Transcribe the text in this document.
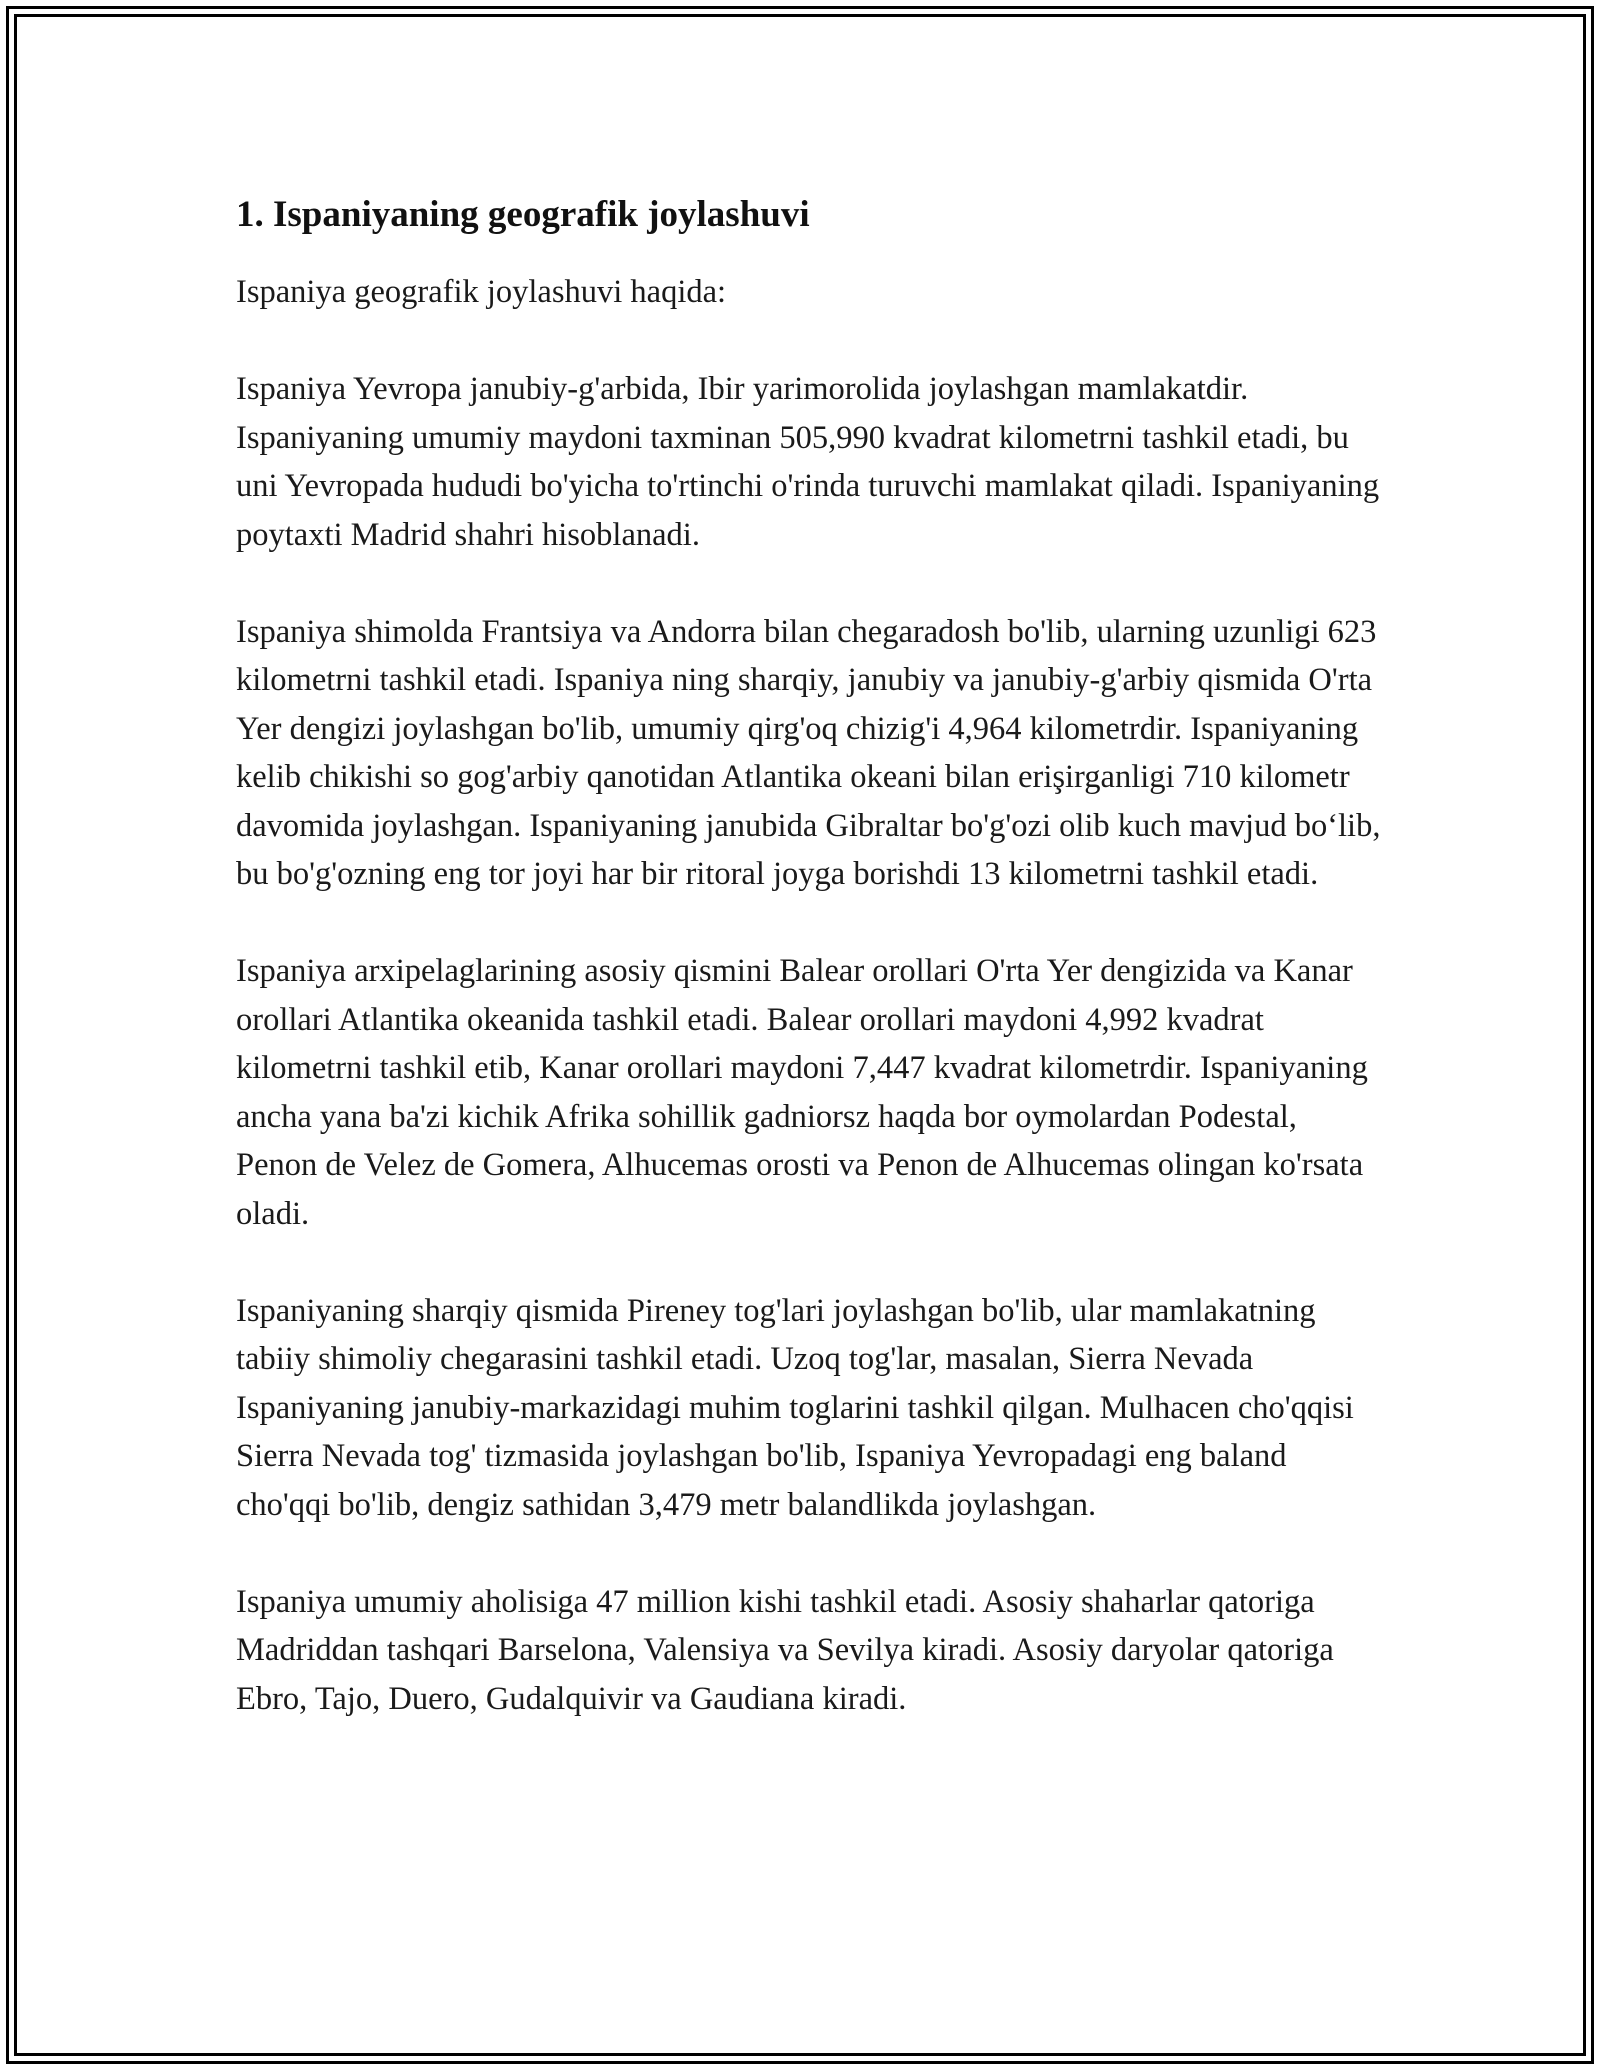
1. Ispaniyaning geografik joylashuvi

Ispaniya geografik joylashuvi haqida:

Ispaniya Yevropa janubiy-g'arbida, Ibir yarimorolida joylashgan mamlakatdir. Ispaniyaning umumiy maydoni taxminan 505,990 kvadrat kilometrni tashkil etadi, bu uni Yevropada hududi bo'yicha to'rtinchi o'rinda turuvchi mamlakat qiladi. Ispaniyaning poytaxti Madrid shahri hisoblanadi.

Ispaniya shimolda Frantsiya va Andorra bilan chegaradosh bo'lib, ularning uzunligi 623 kilometrni tashkil etadi. Ispaniya ning sharqiy, janubiy va janubiy-g'arbiy qismida O'rta Yer dengizi joylashgan bo'lib, umumiy qirg'oq chizig'i 4,964 kilometrdir. Ispaniyaning kelib chikishi so gog'arbiy qanotidan Atlantika okeani bilan erişirganligi 710 kilometr davomida joylashgan. Ispaniyaning janubida Gibraltar bo'g'ozi olib kuch mavjud bo‘lib, bu bo'g'ozning eng tor joyi har bir ritoral joyga borishdi 13 kilometrni tashkil etadi.

Ispaniya arxipelaglarining asosiy qismini Balear orollari O'rta Yer dengizida va Kanar orollari Atlantika okeanida tashkil etadi. Balear orollari maydoni 4,992 kvadrat kilometrni tashkil etib, Kanar orollari maydoni 7,447 kvadrat kilometrdir. Ispaniyaning ancha yana ba'zi kichik Afrika sohillik gadniorsz haqda bor oymolardan Podestal, Penon de Velez de Gomera, Alhucemas orosti va Penon de Alhucemas olingan ko'rsata oladi.

Ispaniyaning sharqiy qismida Pireney tog'lari joylashgan bo'lib, ular mamlakatning tabiiy shimoliy chegarasini tashkil etadi. Uzoq tog'lar, masalan, Sierra Nevada Ispaniyaning janubiy-markazidagi muhim toglarini tashkil qilgan. Mulhacen cho'qqisi Sierra Nevada tog' tizmasida joylashgan bo'lib, Ispaniya Yevropadagi eng baland cho'qqi bo'lib, dengiz sathidan 3,479 metr balandlikda joylashgan.

Ispaniya umumiy aholisiga 47 million kishi tashkil etadi. Asosiy shaharlar qatoriga Madriddan tashqari Barselona, Valensiya va Sevilya kiradi. Asosiy daryolar qatoriga Ebro, Tajo, Duero, Gudalquivir va Gaudiana kiradi.
